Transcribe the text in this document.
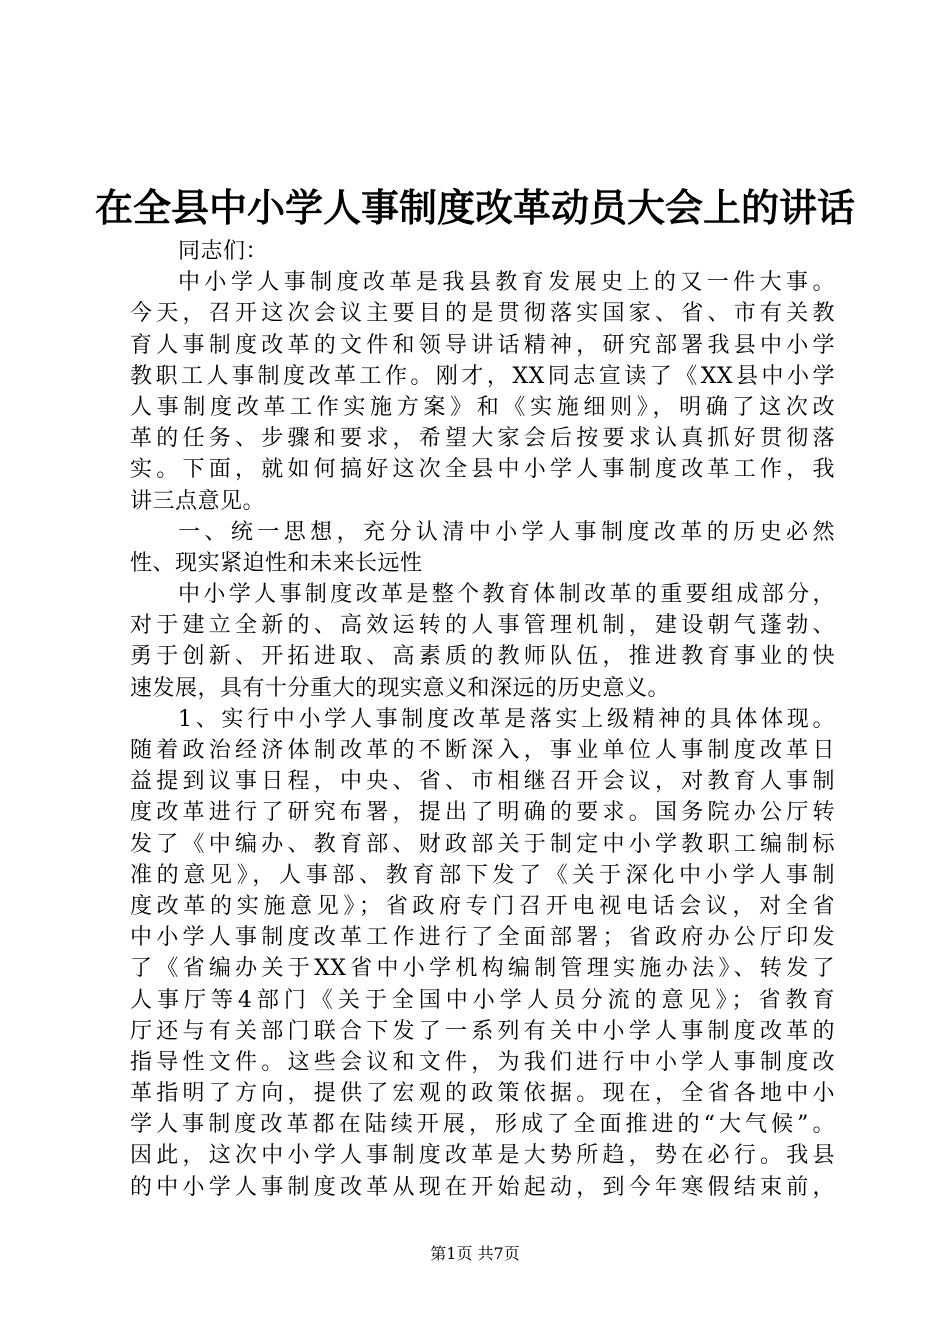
在全县中小学人事制度改革动员大会上的讲话
同志们：
中小学人事制度改革是我县教育发展史上的又一件大事。
今天，召开这次会议主要目的是贯彻落实国家、省、市有关教
育人事制度改革的文件和领导讲话精神，研究部署我县中小学
教职工人事制度改革工作。刚才，XX同志宣读了《XX县中小学
人事制度改革工作实施方案》和《实施细则》，明确了这次改
革的任务、步骤和要求，希望大家会后按要求认真抓好贯彻落
实。下面，就如何搞好这次全县中小学人事制度改革工作，我
讲三点意见。
一、统一思想，充分认清中小学人事制度改革的历史必然
性、现实紧迫性和未来长远性
中小学人事制度改革是整个教育体制改革的重要组成部分，
对于建立全新的、高效运转的人事管理机制，建设朝气蓬勃、
勇于创新、开拓进取、高素质的教师队伍，推进教育事业的快
速发展，具有十分重大的现实意义和深远的历史意义。
1、实行中小学人事制度改革是落实上级精神的具体体现。
随着政治经济体制改革的不断深入，事业单位人事制度改革日
益提到议事日程，中央、省、市相继召开会议，对教育人事制
度改革进行了研究布署，提出了明确的要求。国务院办公厅转
发了《中编办、教育部、财政部关于制定中小学教职工编制标
准的意见》，人事部、教育部下发了《关于深化中小学人事制
度改革的实施意见》；省政府专门召开电视电话会议，对全省
中小学人事制度改革工作进行了全面部署；省政府办公厅印发
了《省编办关于XX省中小学机构编制管理实施办法》、转发了
人事厅等4部门《关于全国中小学人员分流的意见》；省教育
厅还与有关部门联合下发了一系列有关中小学人事制度改革的
指导性文件。这些会议和文件，为我们进行中小学人事制度改
革指明了方向，提供了宏观的政策依据。现在，全省各地中小
学人事制度改革都在陆续开展，形成了全面推进的“大气候”。
因此，这次中小学人事制度改革是大势所趋，势在必行。我县
的中小学人事制度改革从现在开始起动，到今年寒假结束前，
第1页 共7页
